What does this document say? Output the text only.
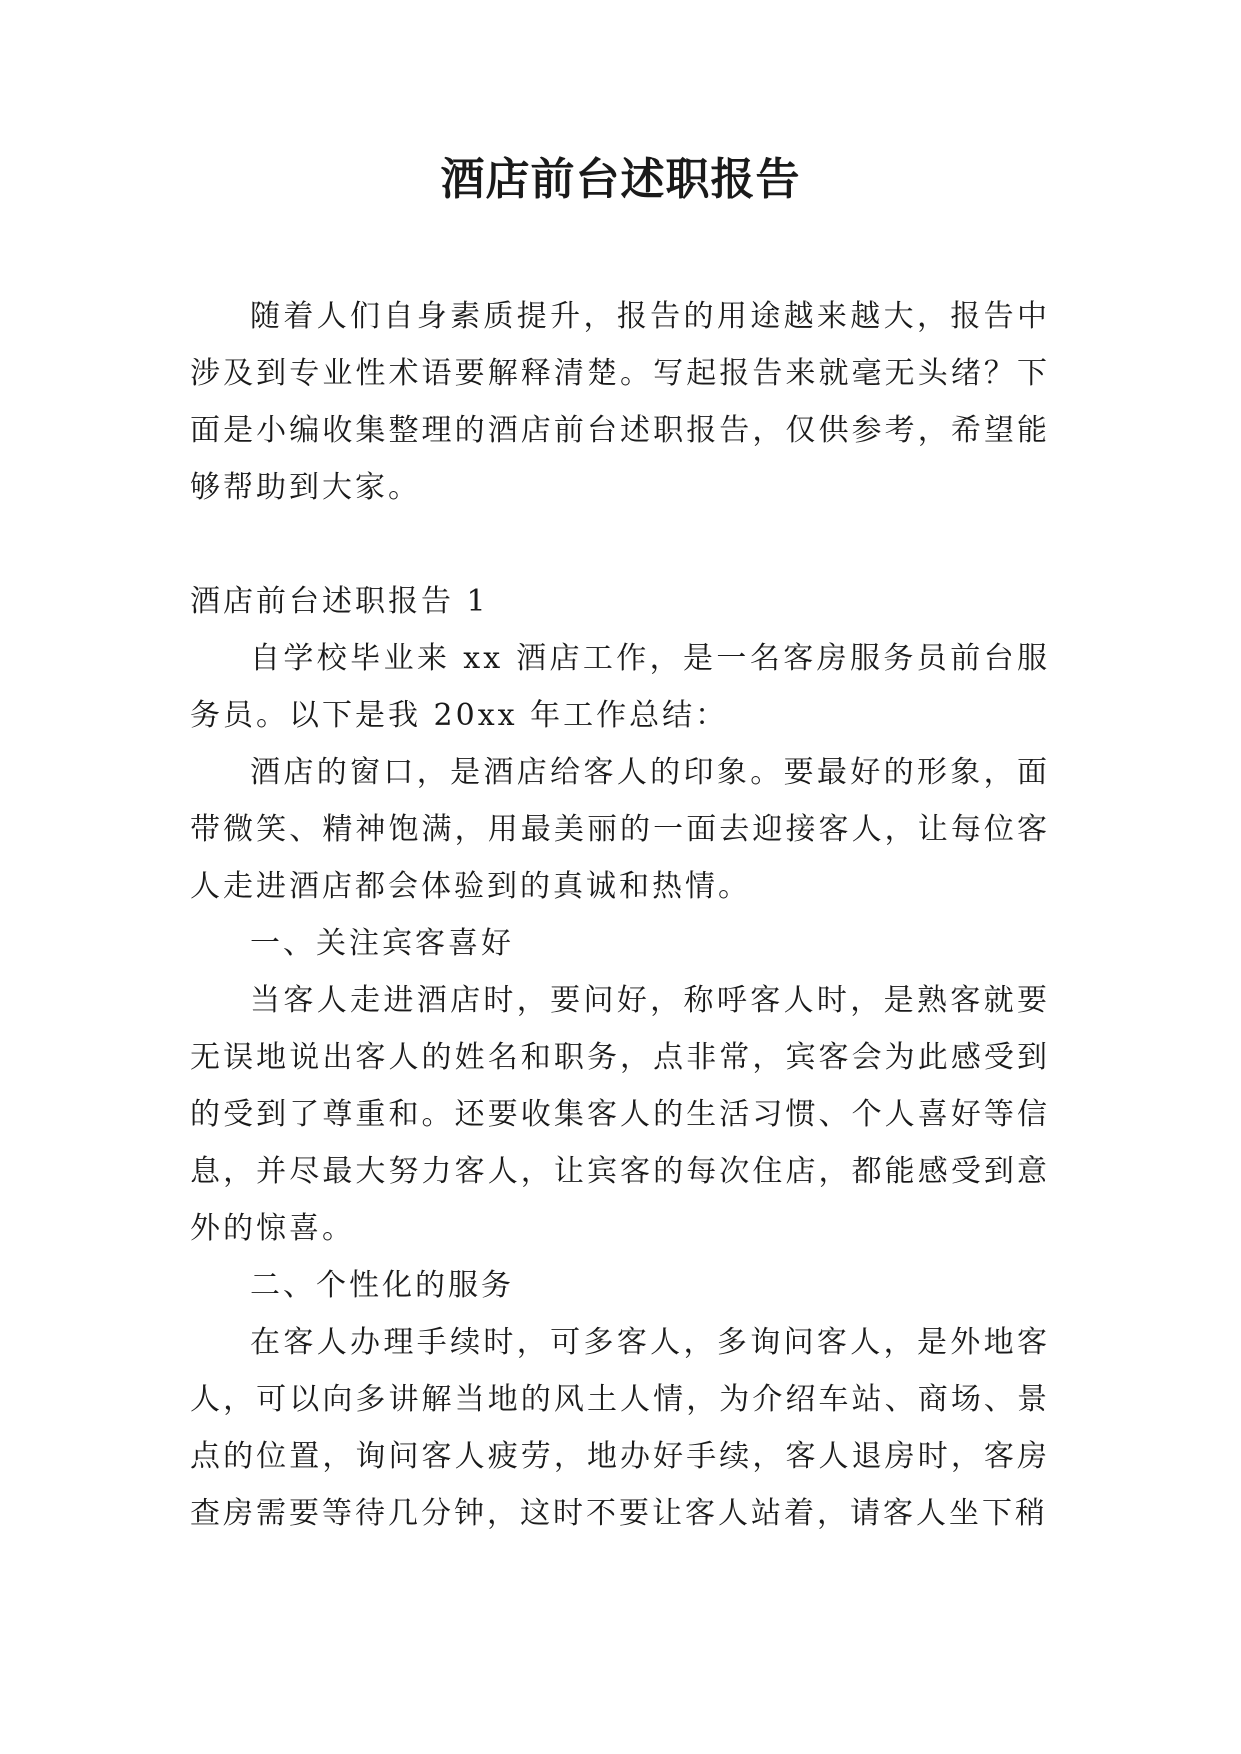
酒店前台述职报告

随着人们自身素质提升，报告的用途越来越大，报告中涉及到专业性术语要解释清楚。写起报告来就毫无头绪？下面是小编收集整理的酒店前台述职报告，仅供参考，希望能够帮助到大家。

酒店前台述职报告 1

自学校毕业来 xx 酒店工作，是一名客房服务员前台服务员。以下是我 20xx 年工作总结：

酒店的窗口，是酒店给客人的印象。要最好的形象，面带微笑、精神饱满，用最美丽的一面去迎接客人，让每位客人走进酒店都会体验到的真诚和热情。

一、关注宾客喜好

当客人走进酒店时，要问好，称呼客人时，是熟客就要无误地说出客人的姓名和职务，点非常，宾客会为此感受到的受到了尊重和。还要收集客人的生活习惯、个人喜好等信息，并尽最大努力客人，让宾客的每次住店，都能感受到意外的惊喜。

二、个性化的服务

在客人办理手续时，可多客人，多询问客人，是外地客人，可以向多讲解当地的风土人情，为介绍车站、商场、景点的位置，询问客人疲劳，地办好手续，客人退房时，客房查房需要等待几分钟，这时不要让客人站着，请客人坐下稍
